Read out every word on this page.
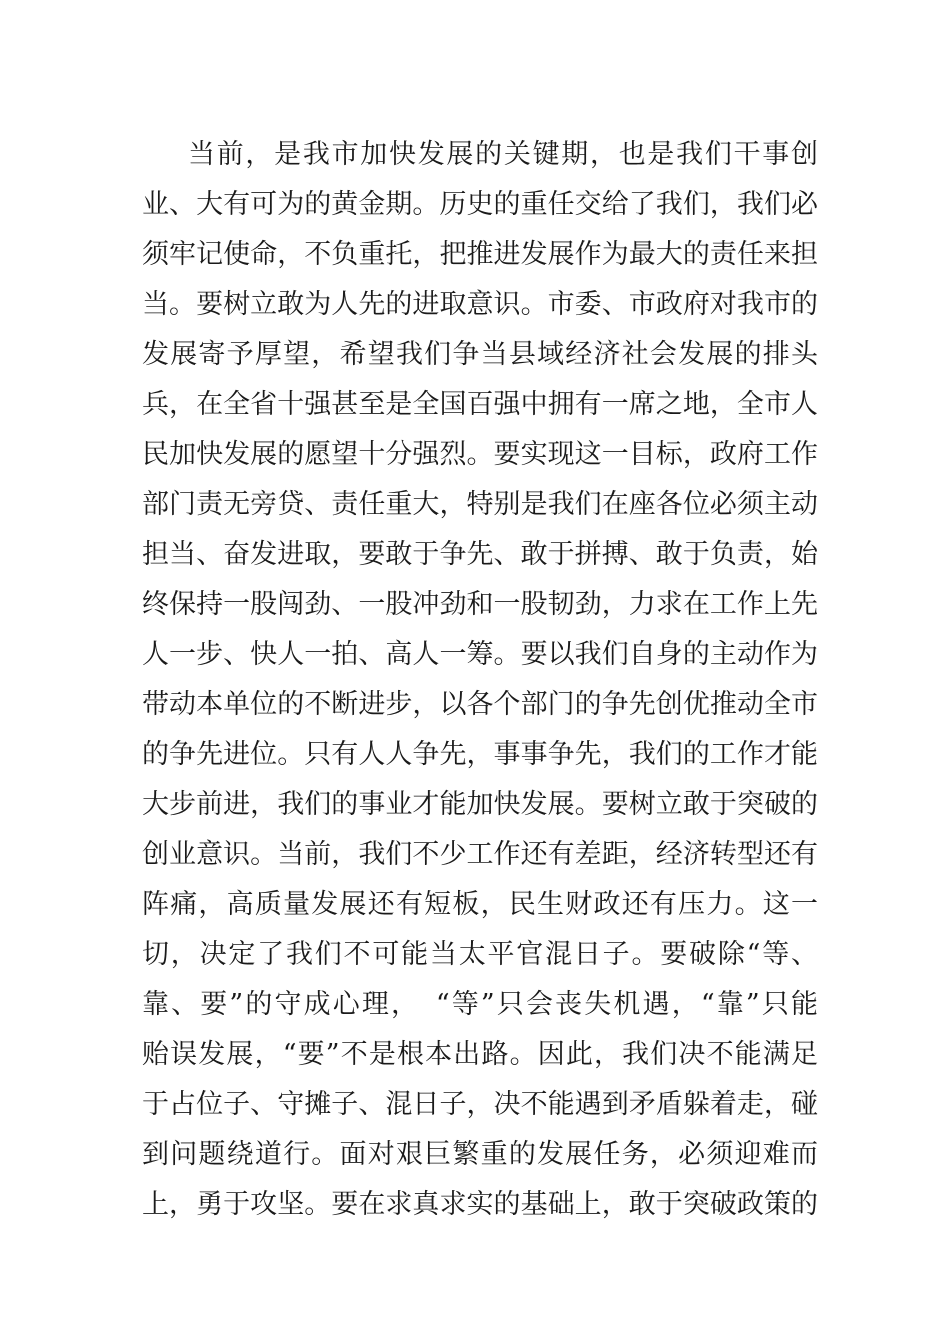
当前，是我市加快发展的关键期，也是我们干事创
业、大有可为的黄金期。历史的重任交给了我们，我们必
须牢记使命，不负重托，把推进发展作为最大的责任来担
当。要树立敢为人先的进取意识。市委、市政府对我市的
发展寄予厚望，希望我们争当县域经济社会发展的排头
兵，在全省十强甚至是全国百强中拥有一席之地，全市人
民加快发展的愿望十分强烈。要实现这一目标，政府工作
部门责无旁贷、责任重大，特别是我们在座各位必须主动
担当、奋发进取，要敢于争先、敢于拼搏、敢于负责，始
终保持一股闯劲、一股冲劲和一股韧劲，力求在工作上先
人一步、快人一拍、高人一筹。要以我们自身的主动作为
带动本单位的不断进步，以各个部门的争先创优推动全市
的争先进位。只有人人争先，事事争先，我们的工作才能
大步前进，我们的事业才能加快发展。要树立敢于突破的
创业意识。当前，我们不少工作还有差距，经济转型还有
阵痛，高质量发展还有短板，民生财政还有压力。这一
切，决定了我们不可能当太平官混日子。要破除“等、
靠、要”的守成心理，　“等”只会丧失机遇，“靠”只能
贻误发展，“要”不是根本出路。因此，我们决不能满足
于占位子、守摊子、混日子，决不能遇到矛盾躲着走，碰
到问题绕道行。面对艰巨繁重的发展任务，必须迎难而
上，勇于攻坚。要在求真求实的基础上，敢于突破政策的
